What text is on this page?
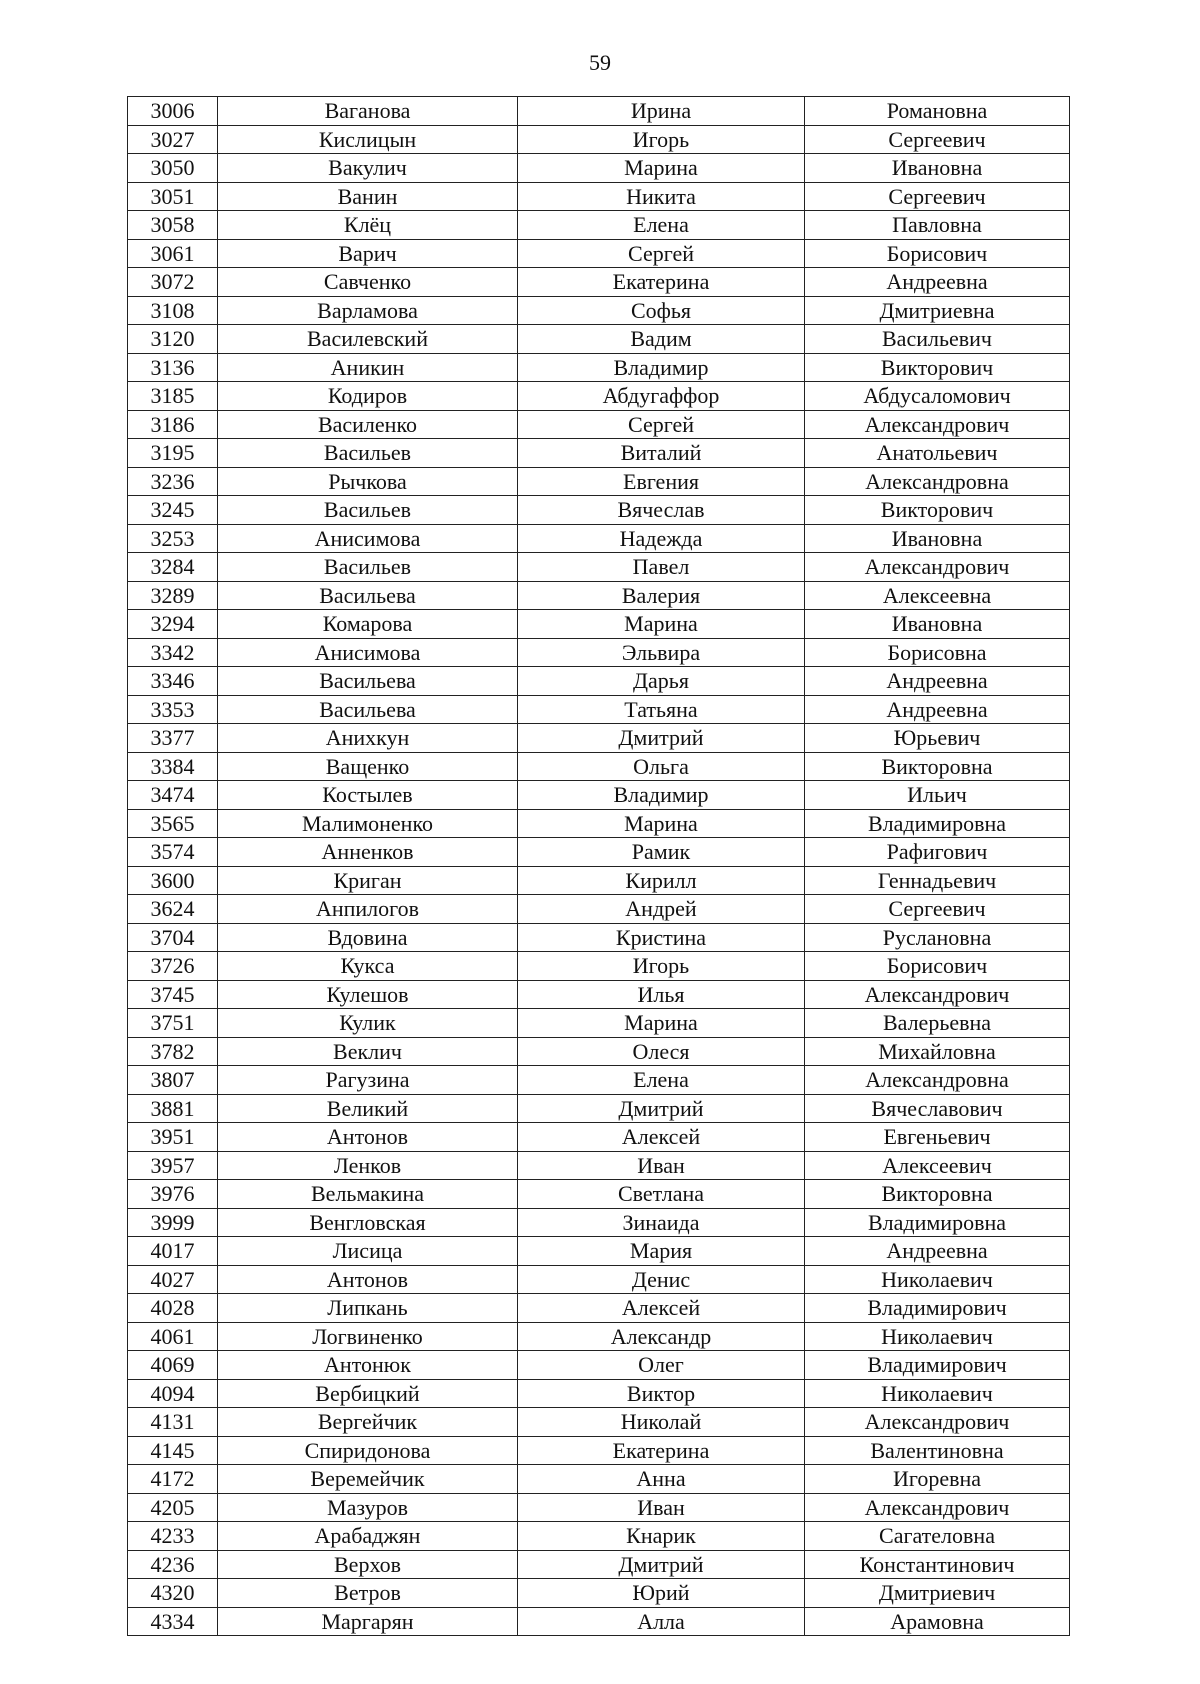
59
3006	Ваганова	Ирина	Романовна
3027	Кислицын	Игорь	Сергеевич
3050	Вакулич	Марина	Ивановна
3051	Ванин	Никита	Сергеевич
3058	Клёц	Елена	Павловна
3061	Варич	Сергей	Борисович
3072	Савченко	Екатерина	Андреевна
3108	Варламова	Софья	Дмитриевна
3120	Василевский	Вадим	Васильевич
3136	Аникин	Владимир	Викторович
3185	Кодиров	Абдугаффор	Абдусаломович
3186	Василенко	Сергей	Александрович
3195	Васильев	Виталий	Анатольевич
3236	Рычкова	Евгения	Александровна
3245	Васильев	Вячеслав	Викторович
3253	Анисимова	Надежда	Ивановна
3284	Васильев	Павел	Александрович
3289	Васильева	Валерия	Алексеевна
3294	Комарова	Марина	Ивановна
3342	Анисимова	Эльвира	Борисовна
3346	Васильева	Дарья	Андреевна
3353	Васильева	Татьяна	Андреевна
3377	Анихкун	Дмитрий	Юрьевич
3384	Ващенко	Ольга	Викторовна
3474	Костылев	Владимир	Ильич
3565	Малимоненко	Марина	Владимировна
3574	Анненков	Рамик	Рафигович
3600	Криган	Кирилл	Геннадьевич
3624	Анпилогов	Андрей	Сергеевич
3704	Вдовина	Кристина	Руслановна
3726	Кукса	Игорь	Борисович
3745	Кулешов	Илья	Александрович
3751	Кулик	Марина	Валерьевна
3782	Веклич	Олеся	Михайловна
3807	Рагузина	Елена	Александровна
3881	Великий	Дмитрий	Вячеславович
3951	Антонов	Алексей	Евгеньевич
3957	Ленков	Иван	Алексеевич
3976	Вельмакина	Светлана	Викторовна
3999	Венгловская	Зинаида	Владимировна
4017	Лисица	Мария	Андреевна
4027	Антонов	Денис	Николаевич
4028	Липкань	Алексей	Владимирович
4061	Логвиненко	Александр	Николаевич
4069	Антонюк	Олег	Владимирович
4094	Вербицкий	Виктор	Николаевич
4131	Вергейчик	Николай	Александрович
4145	Спиридонова	Екатерина	Валентиновна
4172	Веремейчик	Анна	Игоревна
4205	Мазуров	Иван	Александрович
4233	Арабаджян	Кнарик	Сагателовна
4236	Верхов	Дмитрий	Константинович
4320	Ветров	Юрий	Дмитриевич
4334	Маргарян	Алла	Арамовна
